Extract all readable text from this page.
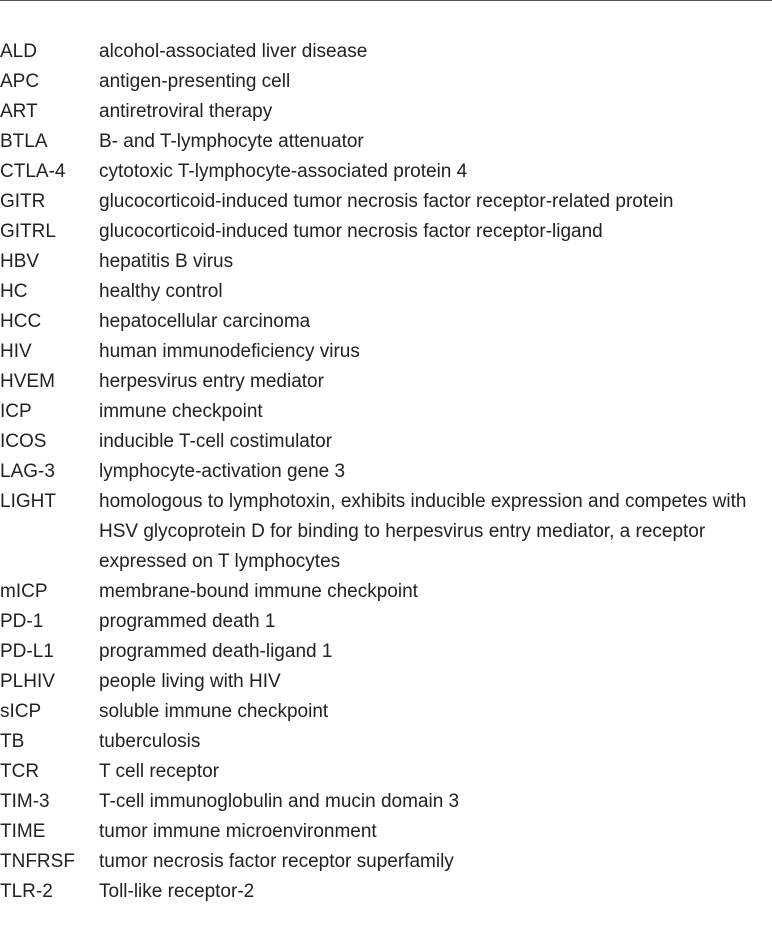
ALD	alcohol-associated liver disease
APC	antigen-presenting cell
ART	antiretroviral therapy
BTLA	B- and T-lymphocyte attenuator
CTLA-4	cytotoxic T-lymphocyte-associated protein 4
GITR	glucocorticoid-induced tumor necrosis factor receptor-related protein
GITRL	glucocorticoid-induced tumor necrosis factor receptor-ligand
HBV	hepatitis B virus
HC	healthy control
HCC	hepatocellular carcinoma
HIV	human immunodeficiency virus
HVEM	herpesvirus entry mediator
ICP	immune checkpoint
ICOS	inducible T-cell costimulator
LAG-3	lymphocyte-activation gene 3
LIGHT	homologous to lymphotoxin, exhibits inducible expression and competes with HSV glycoprotein D for binding to herpesvirus entry mediator, a receptor expressed on T lymphocytes
mICP	membrane-bound immune checkpoint
PD-1	programmed death 1
PD-L1	programmed death-ligand 1
PLHIV	people living with HIV
sICP	soluble immune checkpoint
TB	tuberculosis
TCR	T cell receptor
TIM-3	T-cell immunoglobulin and mucin domain 3
TIME	tumor immune microenvironment
TNFRSF	tumor necrosis factor receptor superfamily
TLR-2	Toll-like receptor-2
